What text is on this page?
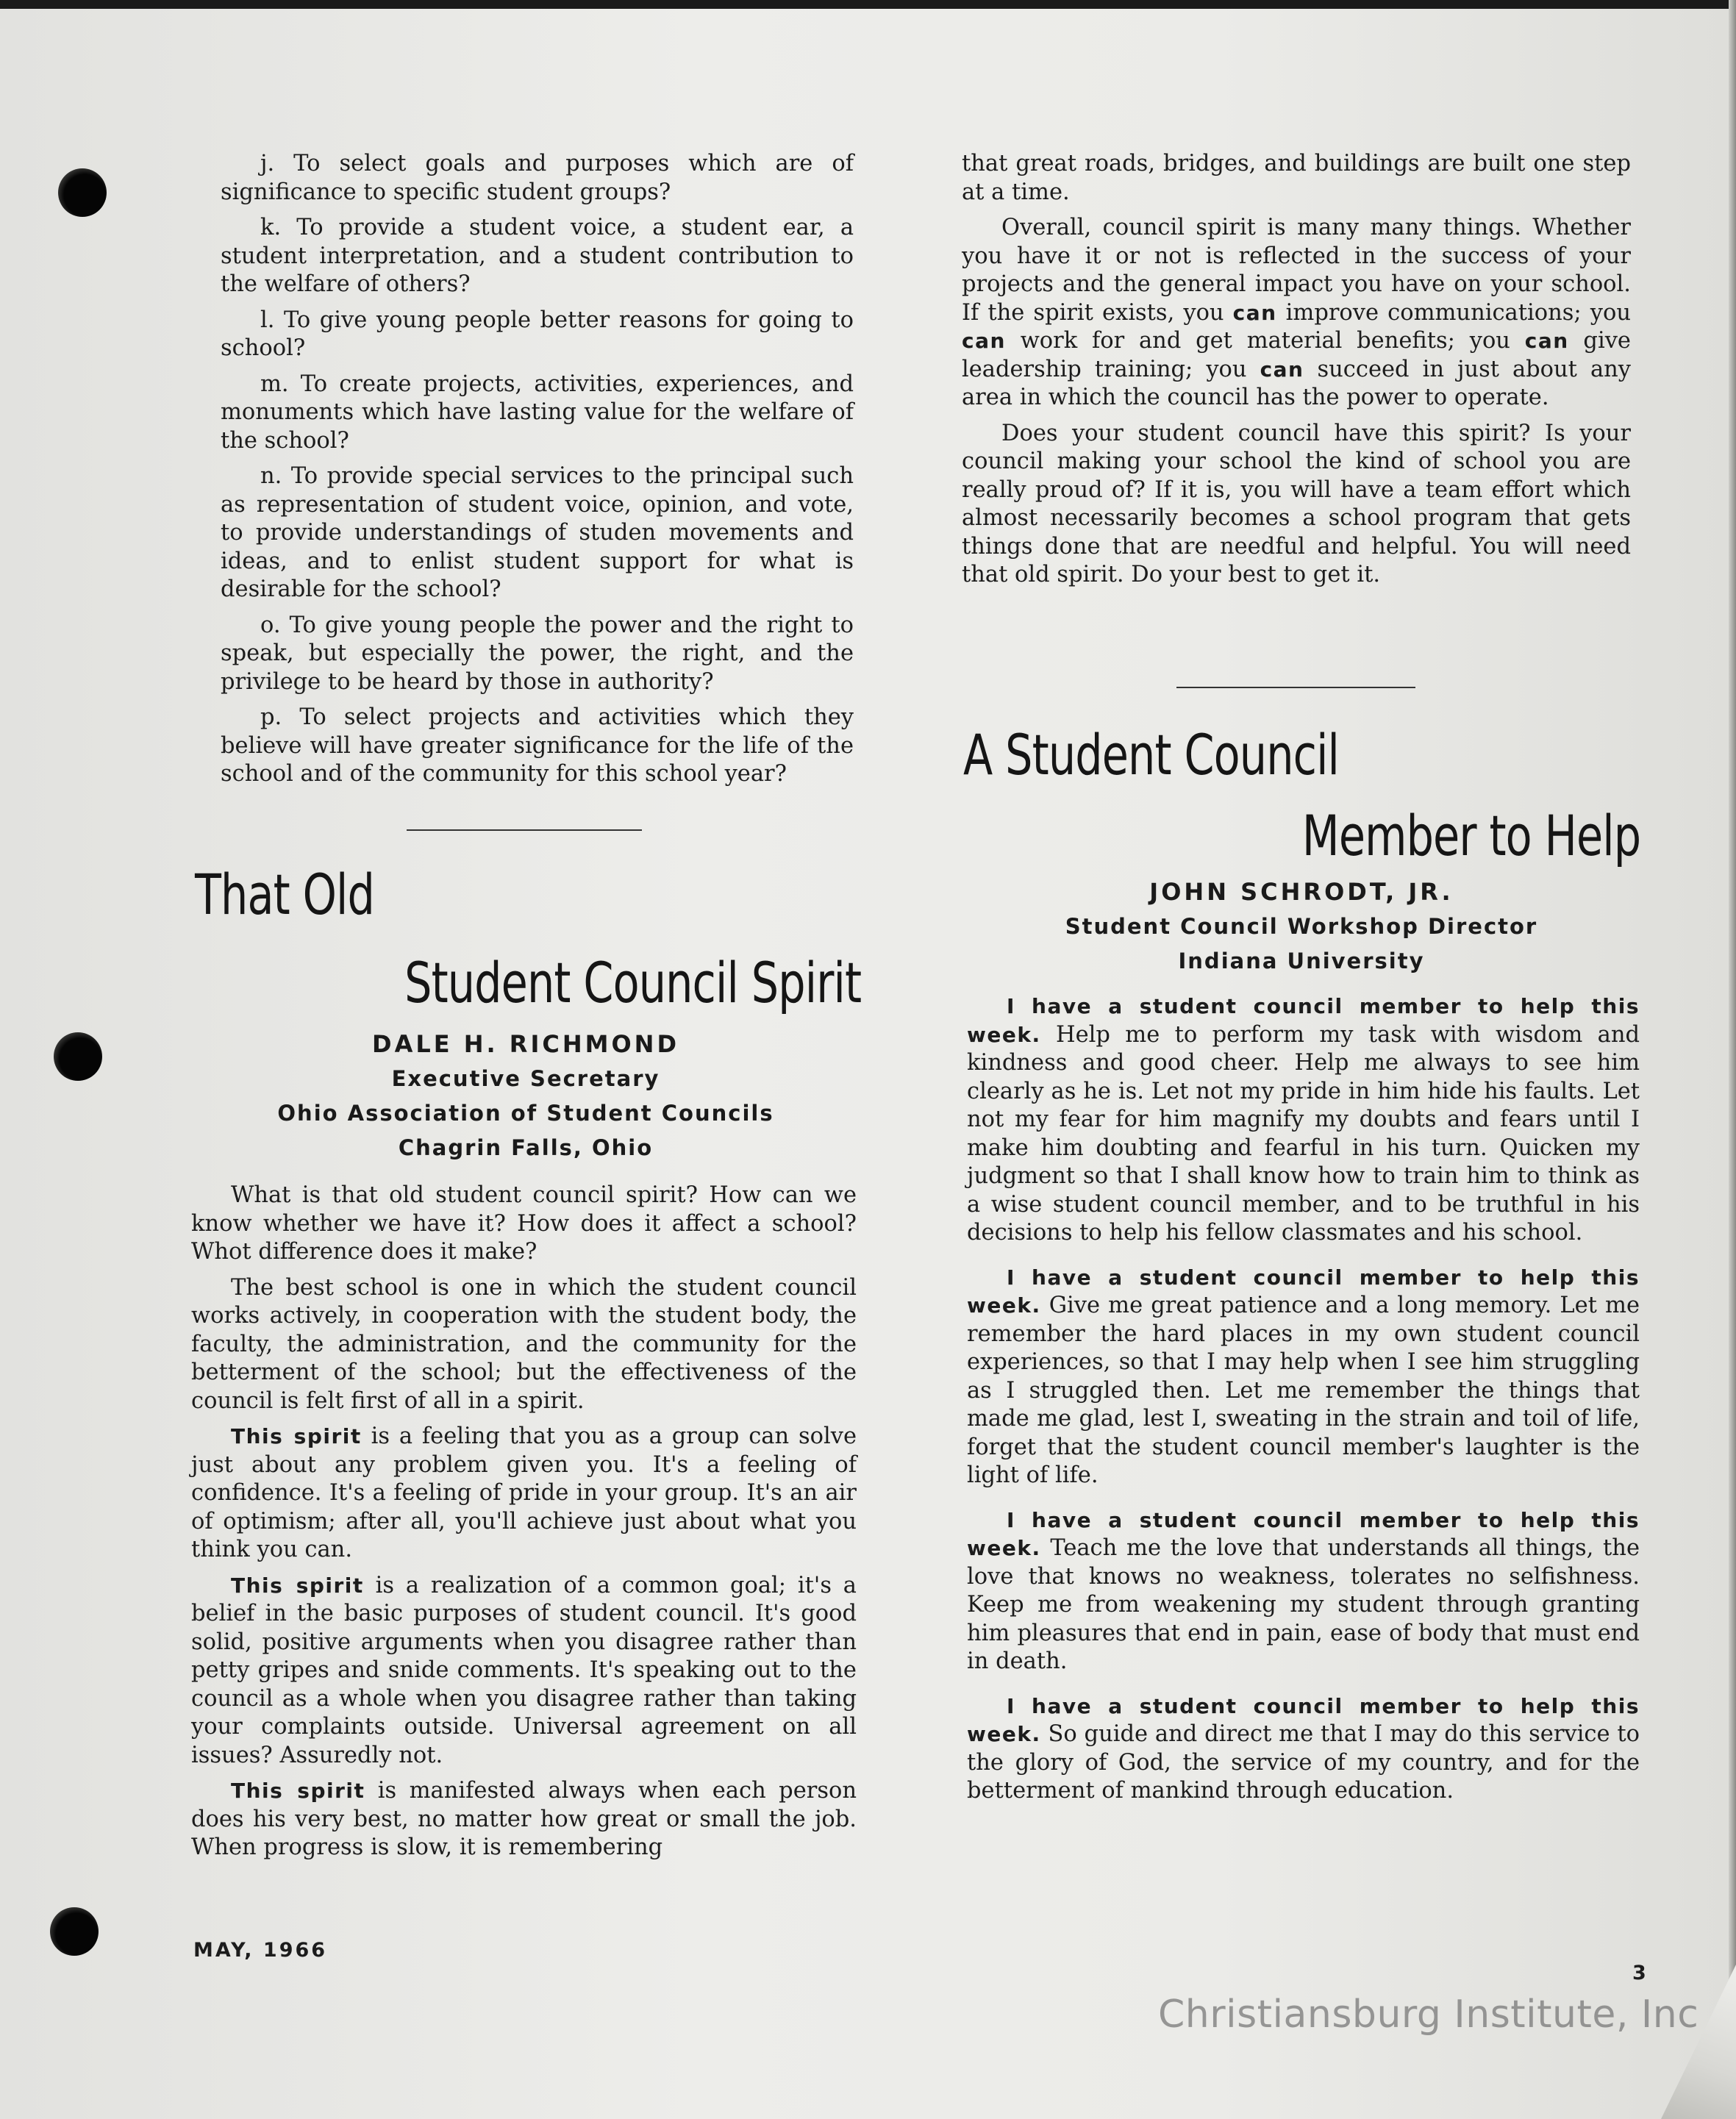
j. To select goals and purposes which are of significance to specific student groups?

k. To provide a student voice, a student ear, a student interpretation, and a student contribution to the welfare of others?

l. To give young people better reasons for going to school?

m. To create projects, activities, experiences, and monuments which have lasting value for the welfare of the school?

n. To provide special services to the principal such as representation of student voice, opinion, and vote, to provide understandings of studen movements and ideas, and to enlist student support for what is desirable for the school?

o. To give young people the power and the right to speak, but especially the power, the right, and the privilege to be heard by those in authority?

p. To select projects and activities which they believe will have greater significance for the life of the school and of the community for this school year?

That Old
Student Council Spirit
DALE H. RICHMOND
Executive Secretary
Ohio Association of Student Councils
Chagrin Falls, Ohio

What is that old student council spirit? How can we know whether we have it? How does it affect a school? Whot difference does it make?

The best school is one in which the student council works actively, in cooperation with the student body, the faculty, the administration, and the community for the betterment of the school; but the effectiveness of the council is felt first of all in a spirit.

This spirit is a feeling that you as a group can solve just about any problem given you. It's a feeling of confidence. It's a feeling of pride in your group. It's an air of optimism; after all, you'll achieve just about what you think you can.

This spirit is a realization of a common goal; it's a belief in the basic purposes of student council. It's good solid, positive arguments when you disagree rather than petty gripes and snide comments. It's speaking out to the council as a whole when you disagree rather than taking your complaints outside. Universal agreement on all issues? Assuredly not.

This spirit is manifested always when each person does his very best, no matter how great or small the job. When progress is slow, it is remembering

MAY, 1966

that great roads, bridges, and buildings are built one step at a time.

Overall, council spirit is many many things. Whether you have it or not is reflected in the success of your projects and the general impact you have on your school. If the spirit exists, you can improve communications; you can work for and get material benefits; you can give leadership training; you can succeed in just about any area in which the council has the power to operate.

Does your student council have this spirit? Is your council making your school the kind of school you are really proud of? If it is, you will have a team effort which almost necessarily becomes a school program that gets things done that are needful and helpful. You will need that old spirit. Do your best to get it.

A Student Council
Member to Help
JOHN SCHRODT, JR.
Student Council Workshop Director
Indiana University

I have a student council member to help this week. Help me to perform my task with wisdom and kindness and good cheer. Help me always to see him clearly as he is. Let not my pride in him hide his faults. Let not my fear for him magnify my doubts and fears until I make him doubting and fearful in his turn. Quicken my judgment so that I shall know how to train him to think as a wise student council member, and to be truthful in his decisions to help his fellow classmates and his school.

I have a student council member to help this week. Give me great patience and a long memory. Let me remember the hard places in my own student council experiences, so that I may help when I see him struggling as I struggled then. Let me remember the things that made me glad, lest I, sweating in the strain and toil of life, forget that the student council member's laughter is the light of life.

I have a student council member to help this week. Teach me the love that understands all things, the love that knows no weakness, tolerates no selfishness. Keep me from weakening my student through granting him pleasures that end in pain, ease of body that must end in death.

I have a student council member to help this week. So guide and direct me that I may do this service to the glory of God, the service of my country, and for the betterment of mankind through education.

3
Christiansburg Institute, Inc
